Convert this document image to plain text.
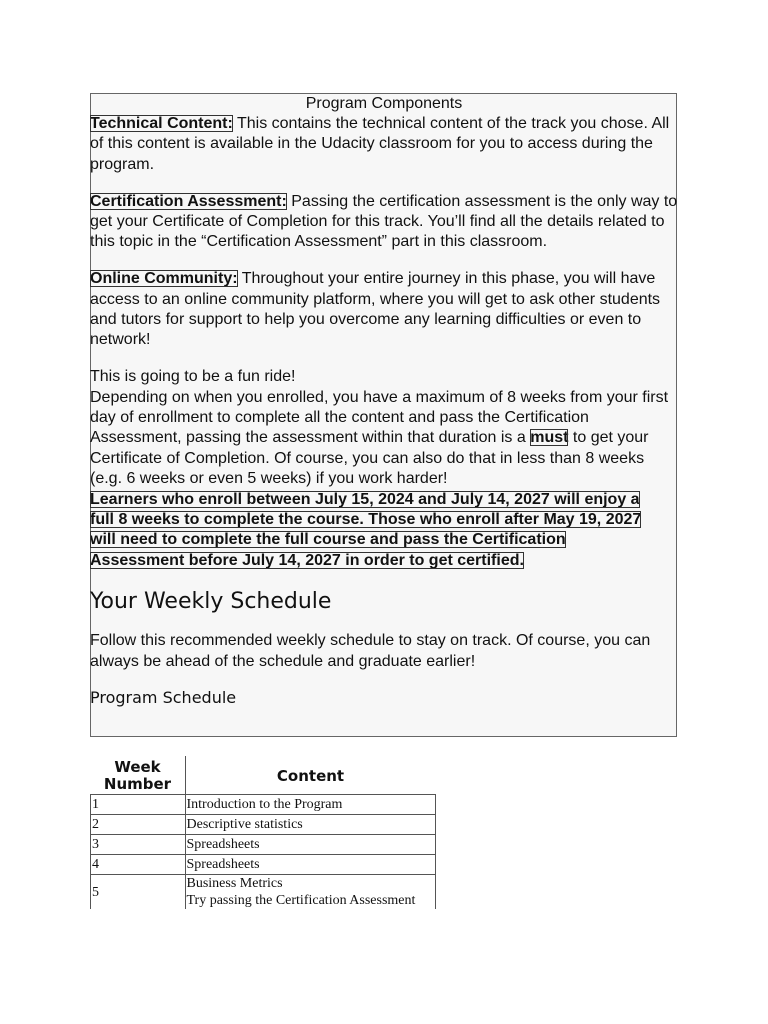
Program Components

Technical Content: This contains the technical content of the track you chose. All of this content is available in the Udacity classroom for you to access during the program.

Certification Assessment: Passing the certification assessment is the only way to get your Certificate of Completion for this track. You’ll find all the details related to this topic in the “Certification Assessment” part in this classroom.

Online Community: Throughout your entire journey in this phase, you will have access to an online community platform, where you will get to ask other students and tutors for support to help you overcome any learning difficulties or even to network!

This is going to be a fun ride!

Depending on when you enrolled, you have a maximum of 8 weeks from your first day of enrollment to complete all the content and pass the Certification Assessment, passing the assessment within that duration is a must to get your Certificate of Completion. Of course, you can also do that in less than 8 weeks (e.g. 6 weeks or even 5 weeks) if you work harder!

Learners who enroll between July 15, 2024 and July 14, 2027 will enjoy a
full 8 weeks to complete the course. Those who enroll after May 19, 2027
will need to complete the full course and pass the Certification
Assessment before July 14, 2027 in order to get certified.

Your Weekly Schedule

Follow this recommended weekly schedule to stay on track. Of course, you can always be ahead of the schedule and graduate earlier!

Program Schedule
Week
Number	Content
1	Introduction to the Program
2	Descriptive statistics
3	Spreadsheets
4	Spreadsheets
5	Business Metrics
Try passing the Certification Assessment
